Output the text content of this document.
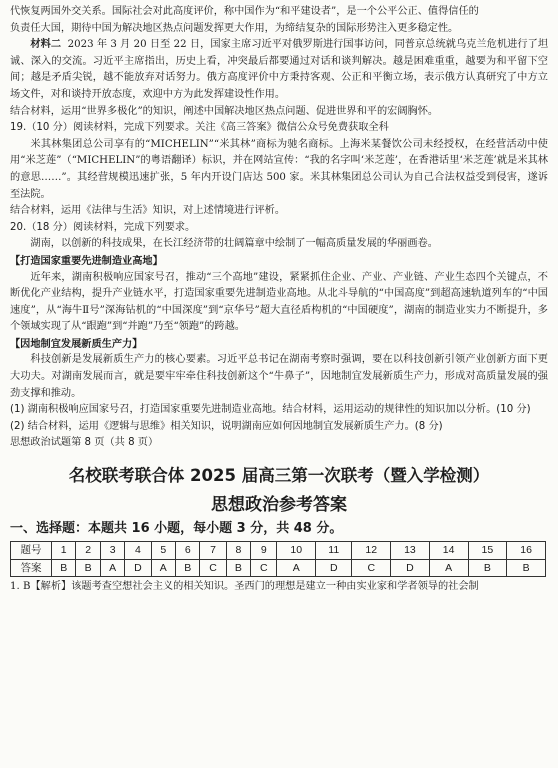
代恢复两国外交关系。国际社会对此高度评价，称中国作为“和平建设者”，是一个公平公正、值得信任的

负责任大国，期待中国为解决地区热点问题发挥更大作用，为缔结复杂的国际形势注入更多稳定性。

材料二 2023 年 3 月 20 日至 22 日，国家主席习近平对俄罗斯进行国事访问，同普京总统就乌克兰危机进行了坦诚、深入的交流。习近平主席指出，历史上看，冲突最后都要通过对话和谈判解决。越是困难重重，越要为和平留下空间；越是矛盾尖锐，越不能放弃对话努力。俄方高度评价中方秉持客观、公正和平衡立场，表示俄方认真研究了中方立场文件，对和谈持开放态度，欢迎中方为此发挥建设性作用。

结合材料，运用“世界多极化”的知识，阐述中国解决地区热点问题、促进世界和平的宏阔胸怀。

19.（10 分）阅读材料，完成下列要求。关注《高三答案》微信公众号免费获取全科

米其林集团总公司享有的“MICHELIN”“米其林”商标为驰名商标。上海米某餐饮公司未经授权，在经营活动中使用“米芝莲”（“MICHELIN”的粤语翻译）标识，并在网站宣传：“我的名字叫‘米芝莲’，在香港话里‘米芝莲’就是米其林的意思……”。其经营规模迅速扩张，5 年内开设门店达 500 家。米其林集团总公司认为自己合法权益受到侵害，遂诉至法院。

结合材料，运用《法律与生活》知识，对上述情境进行评析。

20.（18 分）阅读材料，完成下列要求。

湖南，以创新的科技成果，在长江经济带的壮阔篇章中绘制了一幅高质量发展的华丽画卷。

【打造国家重要先进制造业高地】

近年来，湖南积极响应国家号召，推动“三个高地”建设，紧紧抓住企业、产业、产业链、产业生态四个关键点，不断优化产业结构，提升产业链水平，打造国家重要先进制造业高地。从北斗导航的“中国高度”到超高速轨道列车的“中国速度”，从“海牛Ⅱ号”深海钻机的“中国深度”到“京华号”超大直径盾构机的“中国硬度”，湖南的制造业实力不断提升，多个领域实现了从“跟跑”到“并跑”乃至“领跑”的跨越。

【因地制宜发展新质生产力】

科技创新是发展新质生产力的核心要素。习近平总书记在湖南考察时强调，要在以科技创新引领产业创新方面下更大功夫。对湖南发展而言，就是要牢牢牵住科技创新这个“牛鼻子”，因地制宜发展新质生产力，形成对高质量发展的强劲支撑和推动。

(1) 湖南积极响应国家号召，打造国家重要先进制造业高地。结合材料，运用运动的规律性的知识加以分析。(10 分)

(2) 结合材料，运用《逻辑与思维》相关知识，说明湖南应如何因地制宜发展新质生产力。(8 分)

思想政治试题第 8 页（共 8 页）

名校联考联合体 2025 届高三第一次联考（暨入学检测）
思想政治参考答案
一、选择题：本题共 16 小题，每小题 3 分，共 48 分。
题号	1	2	3	4	5	6	7	8	9	10	11	12	13	14	15	16
答案	B	B	A	D	A	B	C	B	C	A	D	C	D	A	B	B

1. B【解析】该题考查空想社会主义的相关知识。圣西门的理想是建立一种由实业家和学者领导的社会制
